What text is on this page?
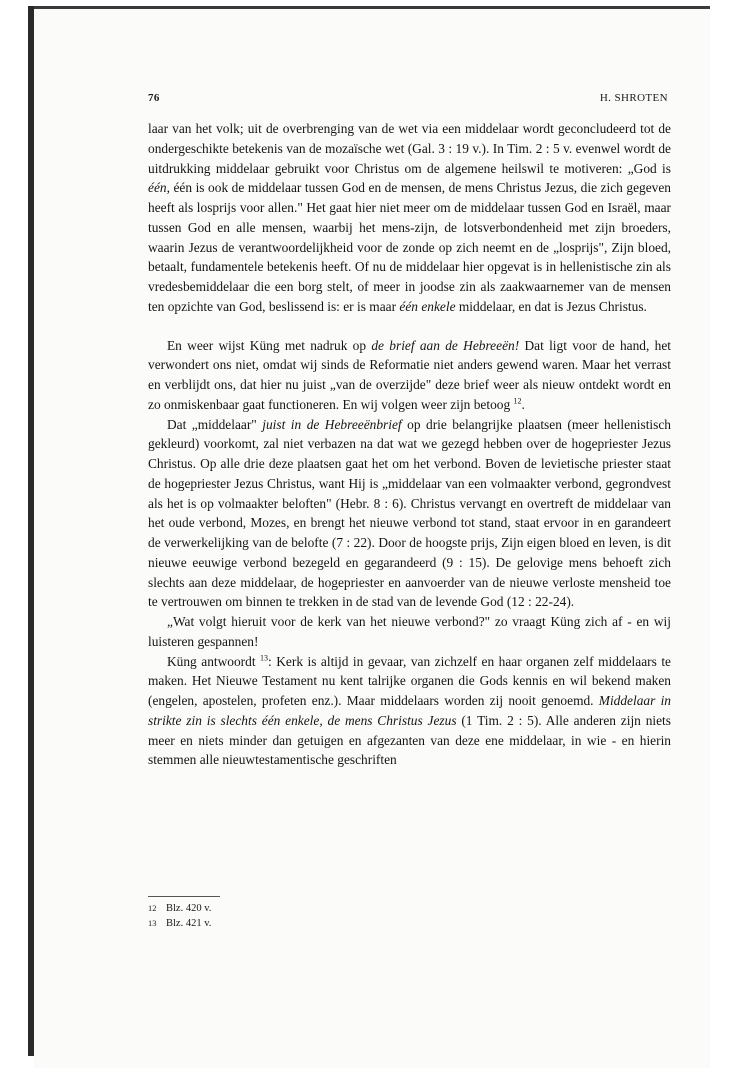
76	H. SHROTEN

laar van het volk; uit de overbrenging van de wet via een middelaar wordt geconcludeerd tot de ondergeschikte betekenis van de mozaïsche wet (Gal. 3 : 19 v.). In Tim. 2 : 5 v. evenwel wordt de uitdrukking middelaar gebruikt voor Christus om de algemene heilswil te motiveren: „God is één, één is ook de middelaar tussen God en de mensen, de mens Christus Jezus, die zich gegeven heeft als losprijs voor allen." Het gaat hier niet meer om de middelaar tussen God en Israël, maar tussen God en alle mensen, waarbij het mens-zijn, de lotsverbondenheid met zijn broeders, waarin Jezus de verantwoordelijkheid voor de zonde op zich neemt en de „losprijs", Zijn bloed, betaalt, fundamentele betekenis heeft. Of nu de middelaar hier opgevat is in hellenistische zin als vredesbemiddelaar die een borg stelt, of meer in joodse zin als zaakwaarnemer van de mensen ten opzichte van God, beslissend is: er is maar één enkele middelaar, en dat is Jezus Christus.

En weer wijst Küng met nadruk op de brief aan de Hebreeën! Dat ligt voor de hand, het verwondert ons niet, omdat wij sinds de Reformatie niet anders gewend waren. Maar het verrast en verblijdt ons, dat hier nu juist „van de overzijde" deze brief weer als nieuw ontdekt wordt en zo onmiskenbaar gaat functioneren. En wij volgen weer zijn betoog $^{12}$.

Dat „middelaar" juist in de Hebreeënbrief op drie belangrijke plaatsen (meer hellenistisch gekleurd) voorkomt, zal niet verbazen na dat wat we gezegd hebben over de hogepriester Jezus Christus. Op alle drie deze plaatsen gaat het om het verbond. Boven de levietische priester staat de hogepriester Jezus Christus, want Hij is „middelaar van een volmaakter verbond, gegrondvest als het is op volmaakter beloften" (Hebr. 8 : 6). Christus vervangt en overtreft de middelaar van het oude verbond, Mozes, en brengt het nieuwe verbond tot stand, staat ervoor in en garandeert de verwerkelijking van de belofte (7 : 22). Door de hoogste prijs, Zijn eigen bloed en leven, is dit nieuwe eeuwige verbond bezegeld en gegarandeerd (9 : 15). De gelovige mens behoeft zich slechts aan deze middelaar, de hogepriester en aanvoerder van de nieuwe verloste mensheid toe te vertrouwen om binnen te trekken in de stad van de levende God (12 : 22-24).

„Wat volgt hieruit voor de kerk van het nieuwe verbond?" zo vraagt Küng zich af - en wij luisteren gespannen!

Küng antwoordt $^{13}$: Kerk is altijd in gevaar, van zichzelf en haar organen zelf middelaars te maken. Het Nieuwe Testament nu kent talrijke organen die Gods kennis en wil bekend maken (engelen, apostelen, profeten enz.). Maar middelaars worden zij nooit genoemd. Middelaar in strikte zin is slechts één enkele, de mens Christus Jezus (1 Tim. 2 : 5). Alle anderen zijn niets meer en niets minder dan getuigen en afgezanten van deze ene middelaar, in wie - en hierin stemmen alle nieuwtestamentische geschriften

12 Blz. 420 v.
13 Blz. 421 v.
